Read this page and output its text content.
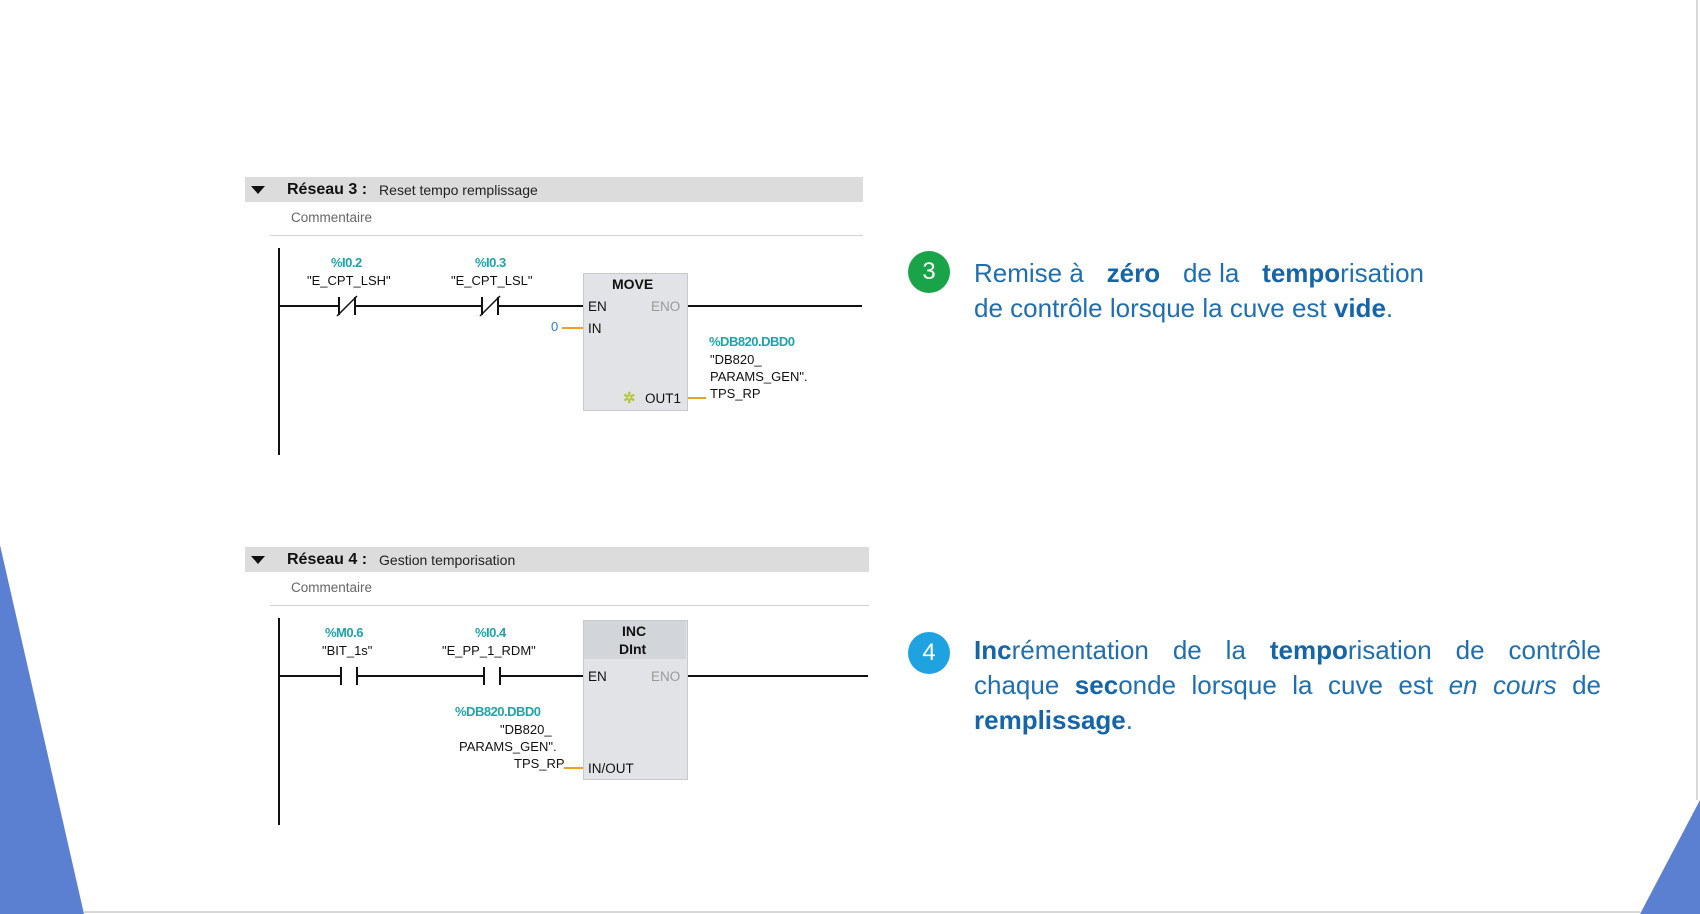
Réseau 3 : Reset tempo remplissage
Commentaire
%I0.2
"E_CPT_LSH"
%I0.3
"E_CPT_LSL"	MOVE
EN	ENO
IN
✲ OUT1
0
%DB820.DBD0
"DB820_
PARAMS_GEN".
TPS_RP
Réseau 4 : Gestion temporisation
Commentaire
%M0.6
"BIT_1s"
%I0.4
"E_PP_1_RDM"
INC
DInt
EN	ENO
IN/OUT
%DB820.DBD0
"DB820_
PARAMS_GEN".
TPS_RP
3	Remise à zéro de la temporisation
de contrôle lorsque la cuve est vide.
4	Incrémentation de la temporisation de contrôle chaque seconde lorsque la cuve est en cours de remplissage.
